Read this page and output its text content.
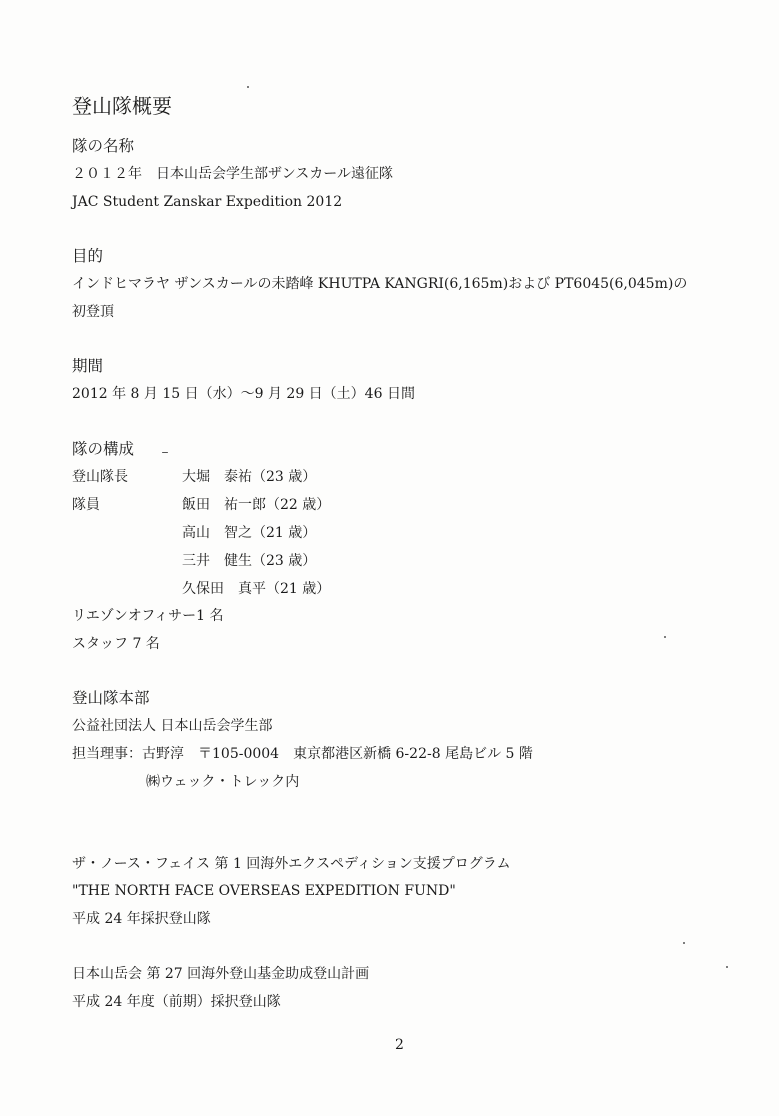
登山隊概要
隊の名称
２０１２年　日本山岳会学生部ザンスカール遠征隊
JAC Student Zanskar Expedition 2012
目的
インドヒマラヤ ザンスカールの未踏峰 KHUTPA KANGRI(6,165m)および PT6045(6,045m)の
初登頂
期間
2012 年 8 月 15 日（水）〜9 月 29 日（土）46 日間
隊の構成
登山隊長	大堀　泰祐（23 歳）
隊員	飯田　祐一郎（22 歳）
高山　智之（21 歳）
三井　健生（23 歳）
久保田　真平（21 歳）
リエゾンオフィサー1 名
スタッフ 7 名
登山隊本部
公益社団法人 日本山岳会学生部
担当理事：古野淳　〒105-0004　東京都港区新橋 6-22-8 尾島ビル 5 階
㈱ウェック・トレック内
ザ・ノース・フェイス 第 1 回海外エクスペディション支援プログラム
"THE NORTH FACE OVERSEAS EXPEDITION FUND"
平成 24 年採択登山隊
日本山岳会 第 27 回海外登山基金助成登山計画
平成 24 年度（前期）採択登山隊
2
